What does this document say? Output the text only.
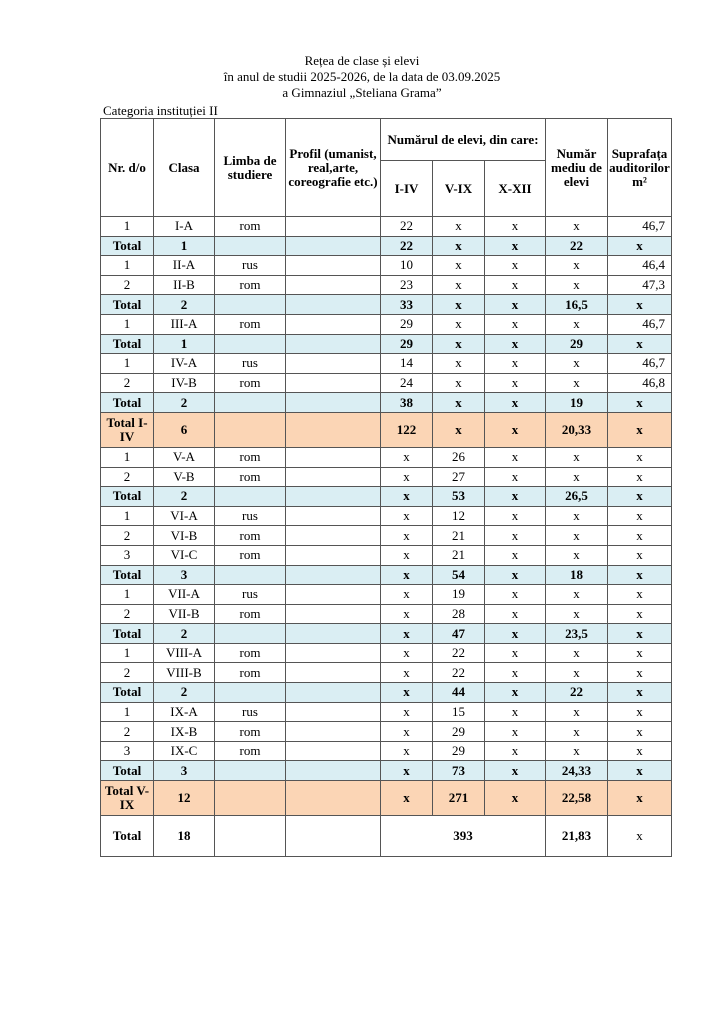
Rețea de clase și elevi
în anul de studii 2025-2026, de la data de 03.09.2025
a Gimnaziul „Steliana Grama”
Categoria instituției II
Nr. d/o	Clasa	Limba de studiere	Profil (umanist, real,arte, coreografie etc.)	Numărul de elevi, din care:			Număr mediu de elevi	Suprafața auditorilor m²
				I-IV	V-IX	X-XII		
1	I-A	rom		22	x	x	x	46,7
Total	1			22	x	x	22	x
1	II-A	rus		10	x	x	x	46,4
2	II-B	rom		23	x	x	x	47,3
Total	2			33	x	x	16,5	x
1	III-A	rom		29	x	x	x	46,7
Total	1			29	x	x	29	x
1	IV-A	rus		14	x	x	x	46,7
2	IV-B	rom		24	x	x	x	46,8
Total	2			38	x	x	19	x
Total I-IV	6			122	x	x	20,33	x
1	V-A	rom		x	26	x	x	x
2	V-B	rom		x	27	x	x	x
Total	2			x	53	x	26,5	x
1	VI-A	rus		x	12	x	x	x
2	VI-B	rom		x	21	x	x	x
3	VI-C	rom		x	21	x	x	x
Total	3			x	54	x	18	x
1	VII-A	rus		x	19	x	x	x
2	VII-B	rom		x	28	x	x	x
Total	2			x	47	x	23,5	x
1	VIII-A	rom		x	22	x	x	x
2	VIII-B	rom		x	22	x	x	x
Total	2			x	44	x	22	x
1	IX-A	rus		x	15	x	x	x
2	IX-B	rom		x	29	x	x	x
3	IX-C	rom		x	29	x	x	x
Total	3			x	73	x	24,33	x
Total V-IX	12			x	271	x	22,58	x
Total	18			393			21,83	x
